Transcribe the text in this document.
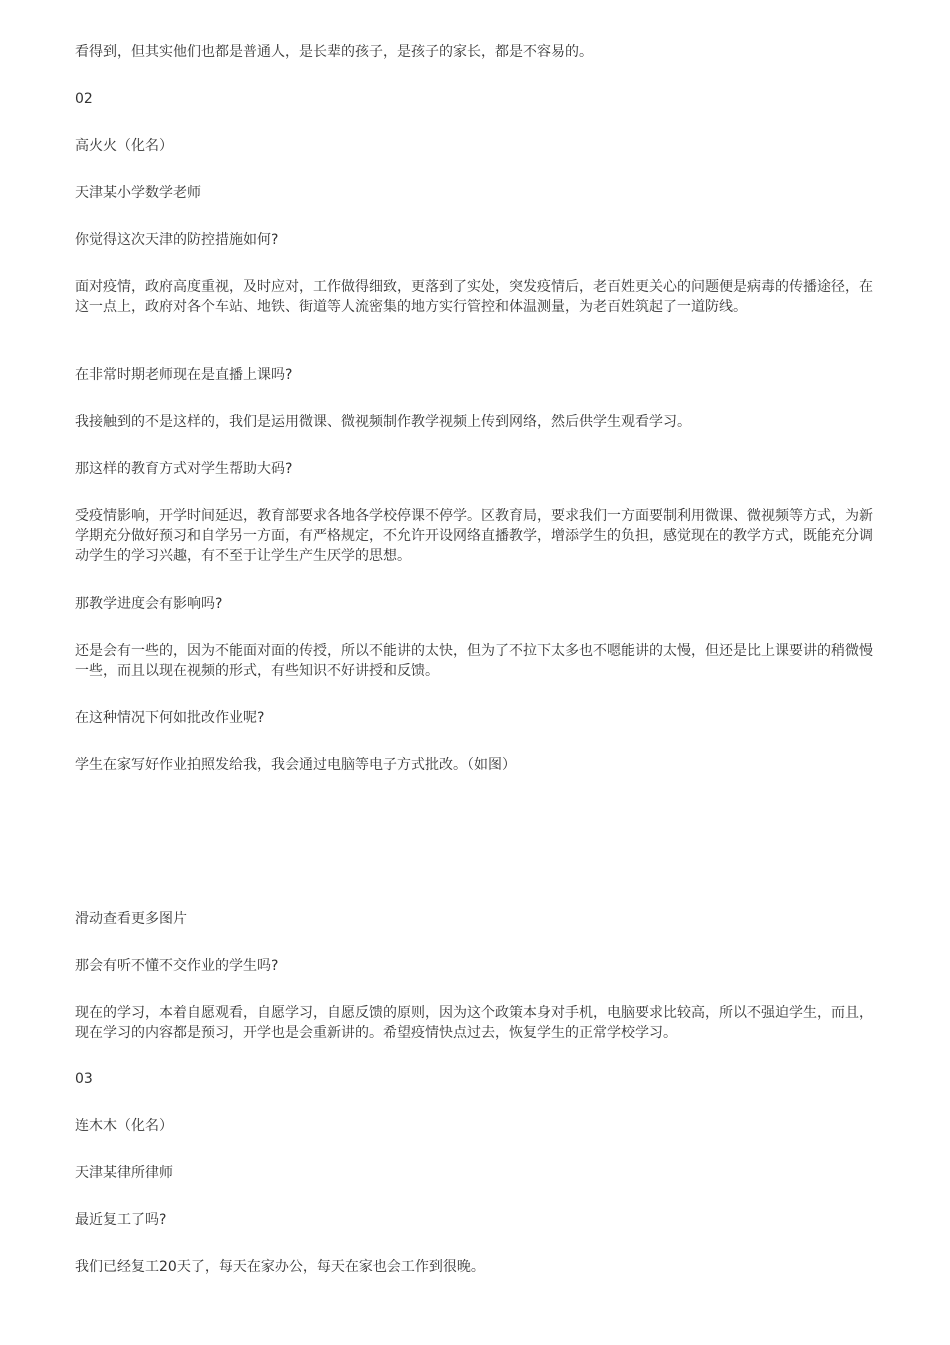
看得到，但其实他们也都是普通人，是长辈的孩子，是孩子的家长，都是不容易的。

02

高火火（化名）

天津某小学数学老师

你觉得这次天津的防控措施如何?

面对疫情，政府高度重视，及时应对，工作做得细致，更落到了实处，突发疫情后，老百姓更关心的问题便是病毒的传播途径，在这一点上，政府对各个车站、地铁、街道等人流密集的地方实行管控和体温测量，为老百姓筑起了一道防线。

在非常时期老师现在是直播上课吗?

我接触到的不是这样的，我们是运用微课、微视频制作教学视频上传到网络，然后供学生观看学习。

那这样的教育方式对学生帮助大码?

受疫情影响，开学时间延迟，教育部要求各地各学校停课不停学。区教育局，要求我们一方面要制利用微课、微视频等方式，为新学期充分做好预习和自学另一方面，有严格规定，不允许开设网络直播教学，增添学生的负担，感觉现在的教学方式，既能充分调动学生的学习兴趣，有不至于让学生产生厌学的思想。

那教学进度会有影响吗?

还是会有一些的，因为不能面对面的传授，所以不能讲的太快，但为了不拉下太多也不嗯能讲的太慢，但还是比上课要讲的稍微慢一些，而且以现在视频的形式，有些知识不好讲授和反馈。

在这种情况下何如批改作业呢?

学生在家写好作业拍照发给我，我会通过电脑等电子方式批改。（如图）

滑动查看更多图片

那会有听不懂不交作业的学生吗?

现在的学习，本着自愿观看，自愿学习，自愿反馈的原则，因为这个政策本身对手机，电脑要求比较高，所以不强迫学生，而且，现在学习的内容都是预习，开学也是会重新讲的。希望疫情快点过去，恢复学生的正常学校学习。

03

连木木（化名）

天津某律所律师

最近复工了吗?

我们已经复工20天了，每天在家办公，每天在家也会工作到很晚。
